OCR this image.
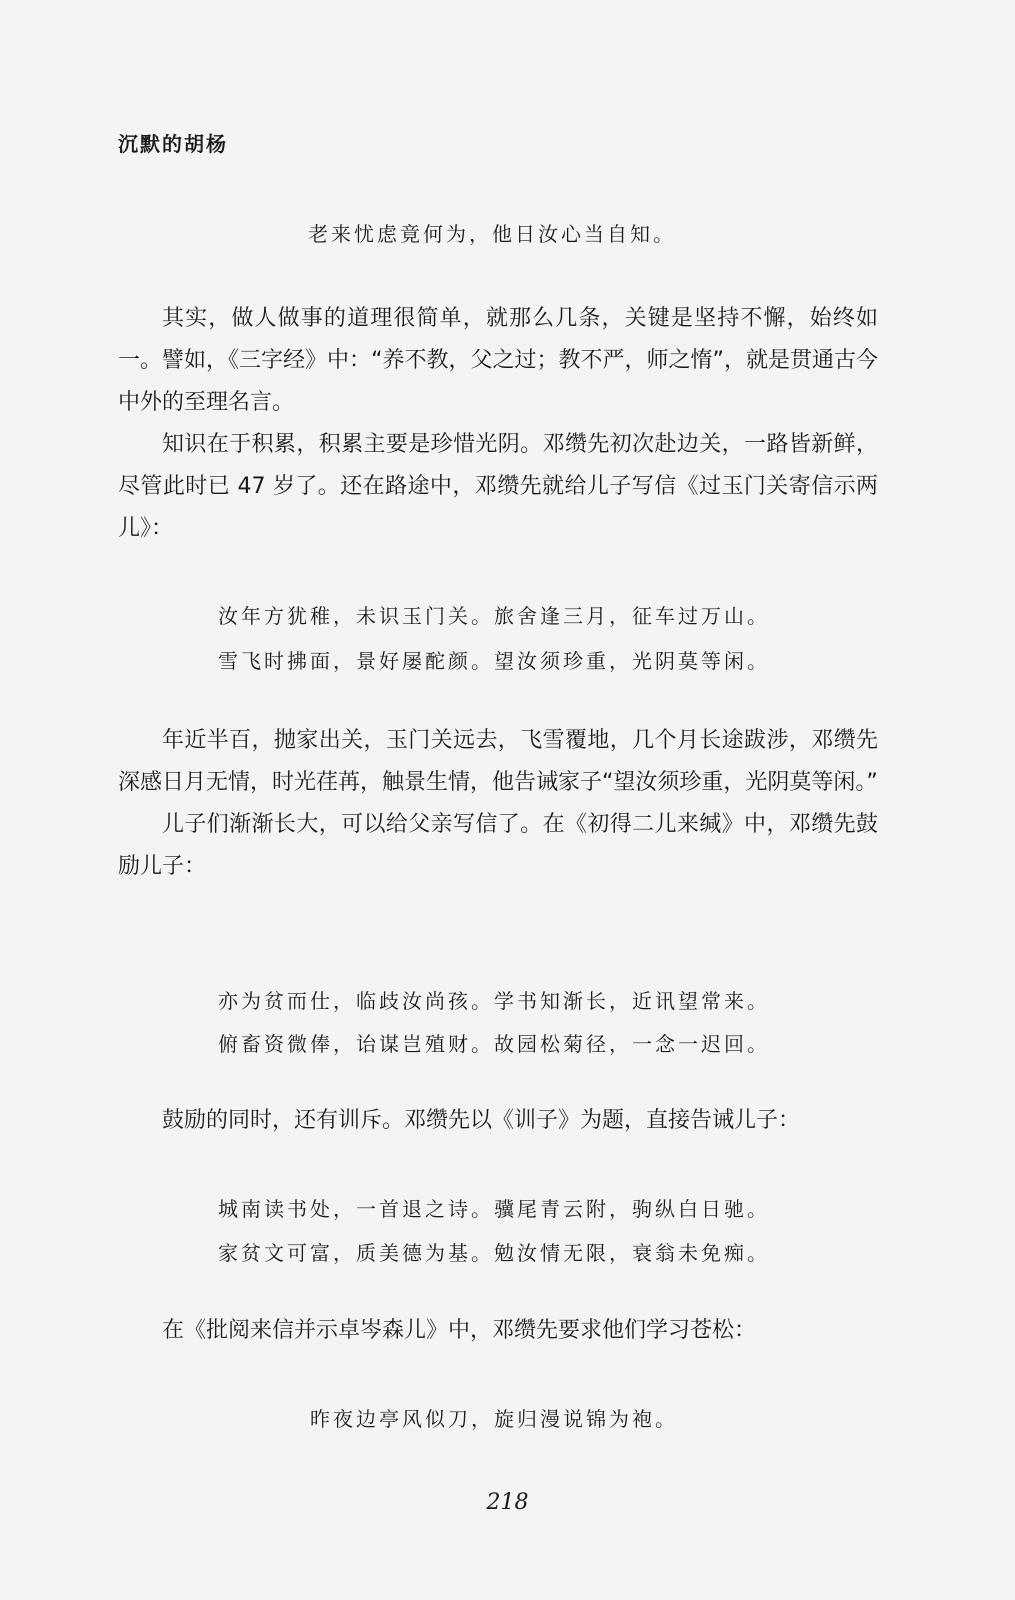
沉默的胡杨
老来忧虑竟何为，他日汝心当自知。

其实，做人做事的道理很简单，就那么几条，关键是坚持不懈，始终如一。譬如，《三字经》中：“养不教，父之过；教不严，师之惰”，就是贯通古今中外的至理名言。

知识在于积累，积累主要是珍惜光阴。邓缵先初次赴边关，一路皆新鲜，尽管此时已 47 岁了。还在路途中，邓缵先就给儿子写信《过玉门关寄信示两儿》：

汝年方犹稚，未识玉门关。旅舍逢三月，征车过万山。
雪飞时拂面，景好屡酡颜。望汝须珍重，光阴莫等闲。

年近半百，抛家出关，玉门关远去，飞雪覆地，几个月长途跋涉，邓缵先深感日月无情，时光荏苒，触景生情，他告诫家子“望汝须珍重，光阴莫等闲。”

儿子们渐渐长大，可以给父亲写信了。在《初得二儿来缄》中，邓缵先鼓励儿子：

亦为贫而仕，临歧汝尚孩。学书知渐长，近讯望常来。
俯畜资微俸，诒谋岂殖财。故园松菊径，一念一迟回。

鼓励的同时，还有训斥。邓缵先以《训子》为题，直接告诫儿子：

城南读书处，一首退之诗。骥尾青云附，驹纵白日驰。
家贫文可富，质美德为基。勉汝情无限，衰翁未免痴。

在《批阅来信并示卓岑森儿》中，邓缵先要求他们学习苍松：

昨夜边亭风似刀，旋归漫说锦为袍。
218
